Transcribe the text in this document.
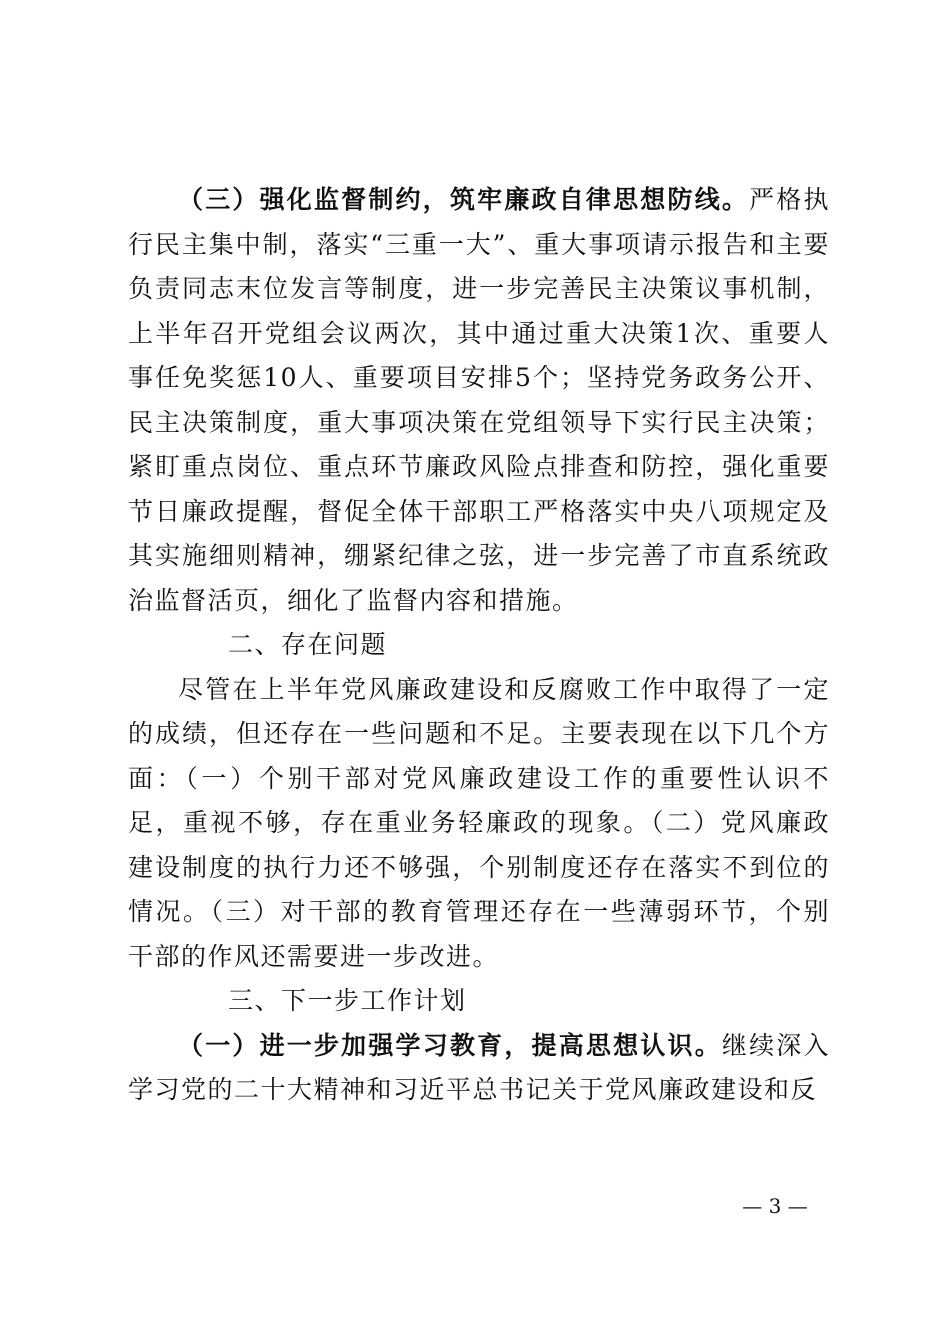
（三）强化监督制约，筑牢廉政自律思想防线。严格执行民主集中制，落实“三重一大”、重大事项请示报告和主要负责同志末位发言等制度，进一步完善民主决策议事机制，上半年召开党组会议两次，其中通过重大决策1次、重要人事任免奖惩10人、重要项目安排5个；坚持党务政务公开、民主决策制度，重大事项决策在党组领导下实行民主决策；紧盯重点岗位、重点环节廉政风险点排查和防控，强化重要节日廉政提醒，督促全体干部职工严格落实中央八项规定及其实施细则精神，绷紧纪律之弦，进一步完善了市直系统政治监督活页，细化了监督内容和措施。

二、存在问题

尽管在上半年党风廉政建设和反腐败工作中取得了一定的成绩，但还存在一些问题和不足。主要表现在以下几个方面：（一）个别干部对党风廉政建设工作的重要性认识不足，重视不够，存在重业务轻廉政的现象。（二）党风廉政建设制度的执行力还不够强，个别制度还存在落实不到位的情况。（三）对干部的教育管理还存在一些薄弱环节，个别干部的作风还需要进一步改进。

三、下一步工作计划

（一）进一步加强学习教育，提高思想认识。继续深入学习党的二十大精神和习近平总书记关于党风廉政建设和反

— 3 —
